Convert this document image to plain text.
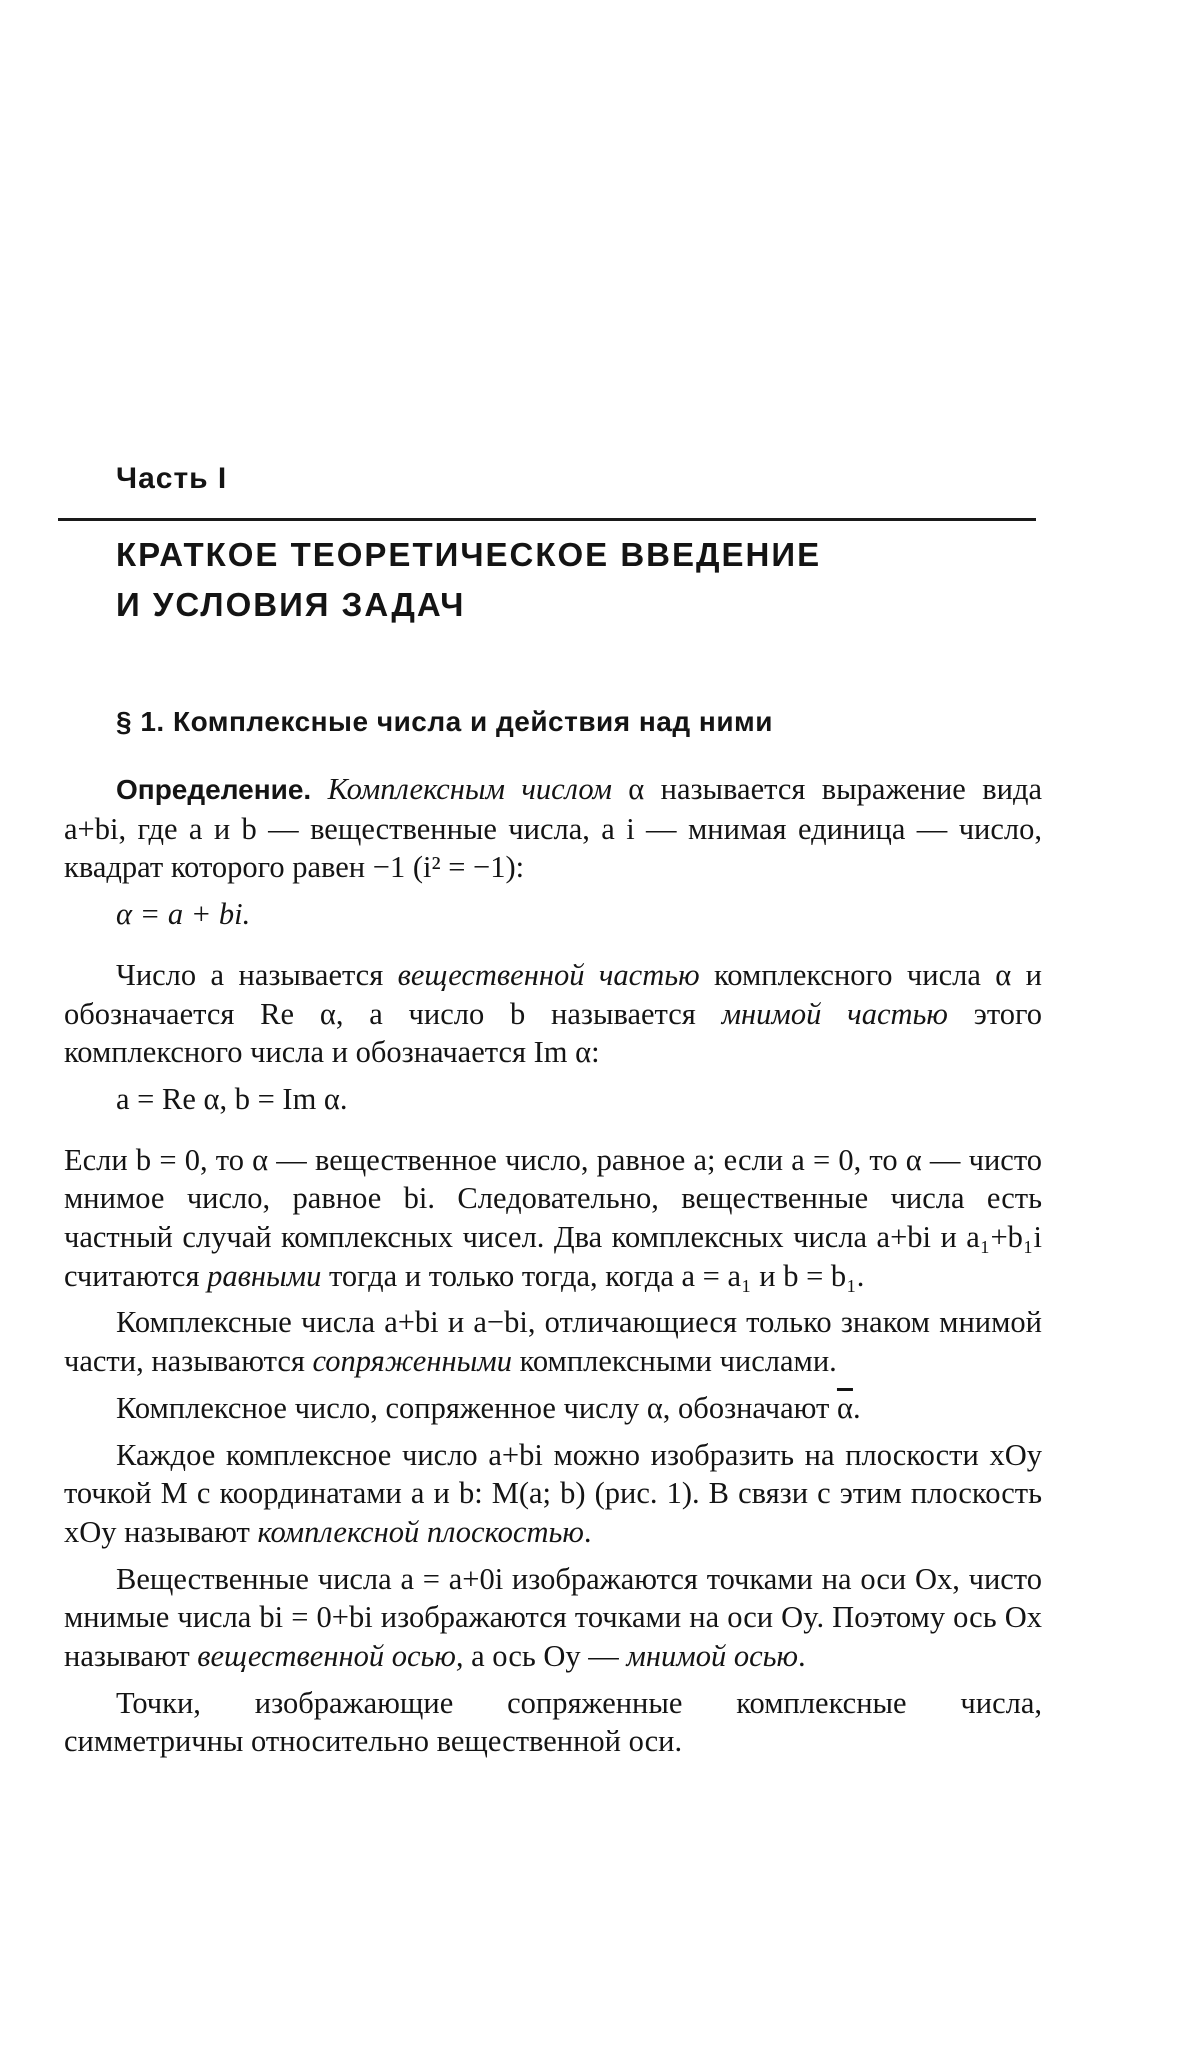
Часть I
КРАТКОЕ ТЕОРЕТИЧЕСКОЕ ВВЕДЕНИЕ
И УСЛОВИЯ ЗАДАЧ
§ 1. Комплексные числа и действия над ними

Определение. Комплексным числом α называется выражение вида a+bi, где a и b — вещественные числа, а i — мнимая единица — число, квадрат которого равен −1 (i² = −1):

α = a + bi.

Число a называется вещественной частью комплексного числа α и обозначается Re α, а число b называется мнимой частью этого комплексного числа и обозначается Im α:

a = Re α, b = Im α.

Если b = 0, то α — вещественное число, равное a; если a = 0, то α — чисто мнимое число, равное bi. Следовательно, вещественные числа есть частный случай комплексных чисел. Два комплексных числа a+bi и a₁+b₁i считаются равными тогда и только тогда, когда a = a₁ и b = b₁.

Комплексные числа a+bi и a−bi, отличающиеся только знаком мнимой части, называются сопряженными комплексными числами.

Комплексное число, сопряженное числу α, обозначают $\overline{\alpha}$.

Каждое комплексное число a+bi можно изобразить на плоскости xOy точкой M с координатами a и b: M(a; b) (рис. 1). В связи с этим плоскость xOy называют комплексной плоскостью.

Вещественные числа a = a+0i изображаются точками на оси Ox, чисто мнимые числа bi = 0+bi изображаются точками на оси Oy. Поэтому ось Ox называют вещественной осью, а ось Oy — мнимой осью.

Точки, изображающие сопряженные комплексные числа, симметричны относительно вещественной оси.
